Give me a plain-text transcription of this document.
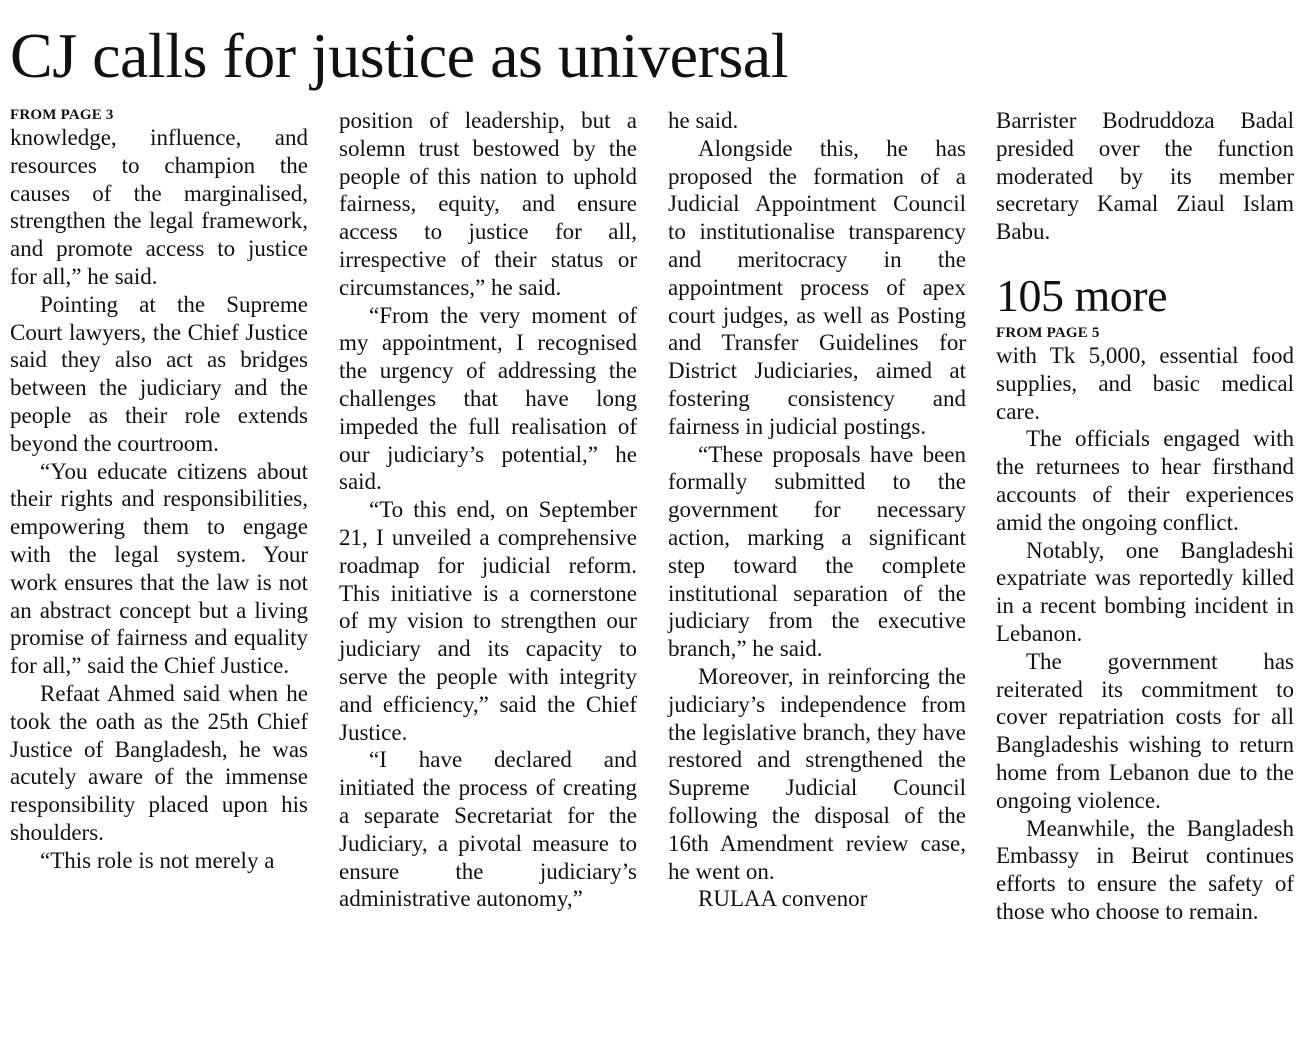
CJ calls for justice as universal
FROM PAGE 3

knowledge, influence, and resources to champion the causes of the marginalised, strengthen the legal framework, and promote access to justice for all,” he said.

Pointing at the Supreme Court lawyers, the Chief Justice said they also act as bridges between the judiciary and the people as their role extends beyond the courtroom.

“You educate citizens about their rights and responsibilities, empowering them to engage with the legal system. Your work ensures that the law is not an abstract concept but a living promise of fairness and equality for all,” said the Chief Justice.

Refaat Ahmed said when he took the oath as the 25th Chief Justice of Bangladesh, he was acutely aware of the immense responsibility placed upon his shoulders.

“This role is not merely a

position of leadership, but a solemn trust bestowed by the people of this nation to uphold fairness, equity, and ensure access to justice for all, irrespective of their status or circumstances,” he said.

“From the very moment of my appointment, I recognised the urgency of addressing the challenges that have long impeded the full realisation of our judiciary’s potential,” he said.

“To this end, on September 21, I unveiled a comprehensive roadmap for judicial reform. This initiative is a cornerstone of my vision to strengthen our judiciary and its capacity to serve the people with integrity and efficiency,” said the Chief Justice.

“I have declared and initiated the process of creating a separate Secretariat for the Judiciary, a pivotal measure to ensure the judiciary’s administrative autonomy,”

he said.

Alongside this, he has proposed the formation of a Judicial Appointment Council to institutionalise transparency and meritocracy in the appointment process of apex court judges, as well as Posting and Transfer Guidelines for District Judiciaries, aimed at fostering consistency and fairness in judicial postings.

“These proposals have been formally submitted to the government for necessary action, marking a significant step toward the complete institutional separation of the judiciary from the executive branch,” he said.

Moreover, in reinforcing the judiciary’s independence from the legislative branch, they have restored and strengthened the Supreme Judicial Council following the disposal of the 16th Amendment review case, he went on.

RULAA convenor

Barrister Bodruddoza Badal presided over the function moderated by its member secretary Kamal Ziaul Islam Babu.

105 more
FROM PAGE 5

with Tk 5,000, essential food supplies, and basic medical care.

The officials engaged with the returnees to hear firsthand accounts of their experiences amid the ongoing conflict.

Notably, one Bangladeshi expatriate was reportedly killed in a recent bombing incident in Lebanon.

The government has reiterated its commitment to cover repatriation costs for all Bangladeshis wishing to return home from Lebanon due to the ongoing violence.

Meanwhile, the Bangladesh Embassy in Beirut continues efforts to ensure the safety of those who choose to remain.
